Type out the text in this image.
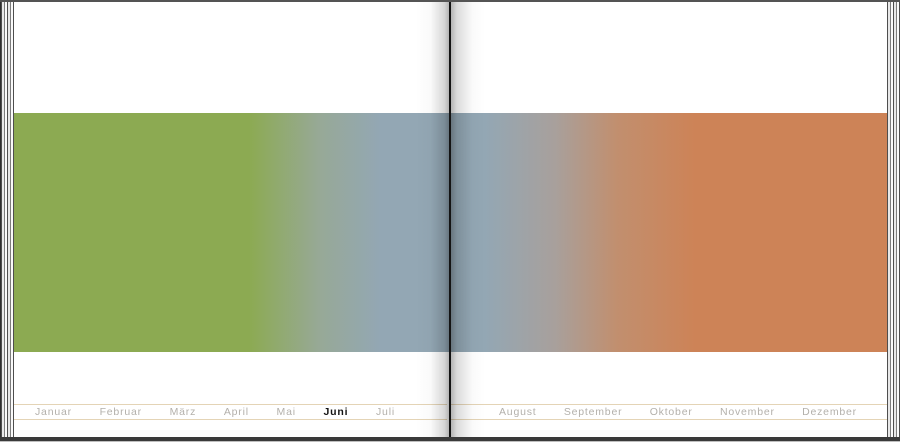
Januar	Februar	März	April	Mai	Juni	Juli	August	September	Oktober	November	Dezember
